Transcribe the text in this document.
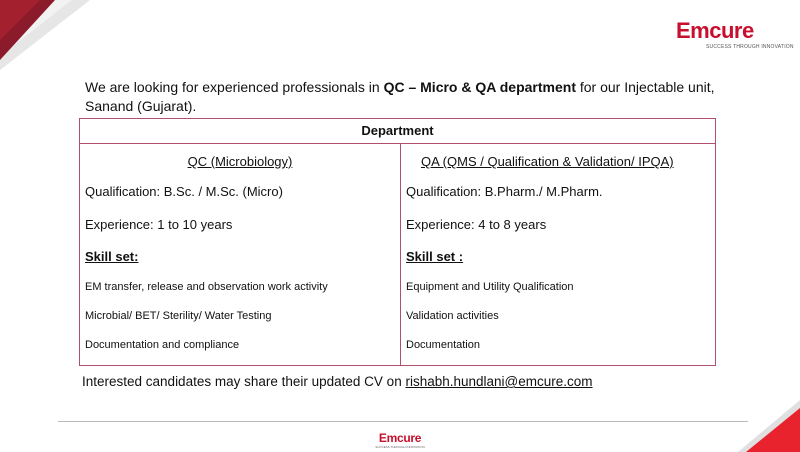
Emcure
SUCCESS THROUGH INNOVATION
We are looking for experienced professionals in QC – Micro & QA department for our Injectable unit, Sanand (Gujarat).
Department
QC (Microbiology)
Qualification: B.Sc. / M.Sc. (Micro)
Experience: 1 to 10 years
Skill set:
EM transfer, release and observation work activity
Microbial/ BET/ Sterility/ Water Testing
Documentation and compliance
QA (QMS / Qualification & Validation/ IPQA)
Qualification: B.Pharm./ M.Pharm.
Experience: 4 to 8 years
Skill set :
Equipment and Utility Qualification
Validation activities
Documentation
Interested candidates may share their updated CV on rishabh.hundlani@emcure.com
Emcure
SUCCESS THROUGH INNOVATION
